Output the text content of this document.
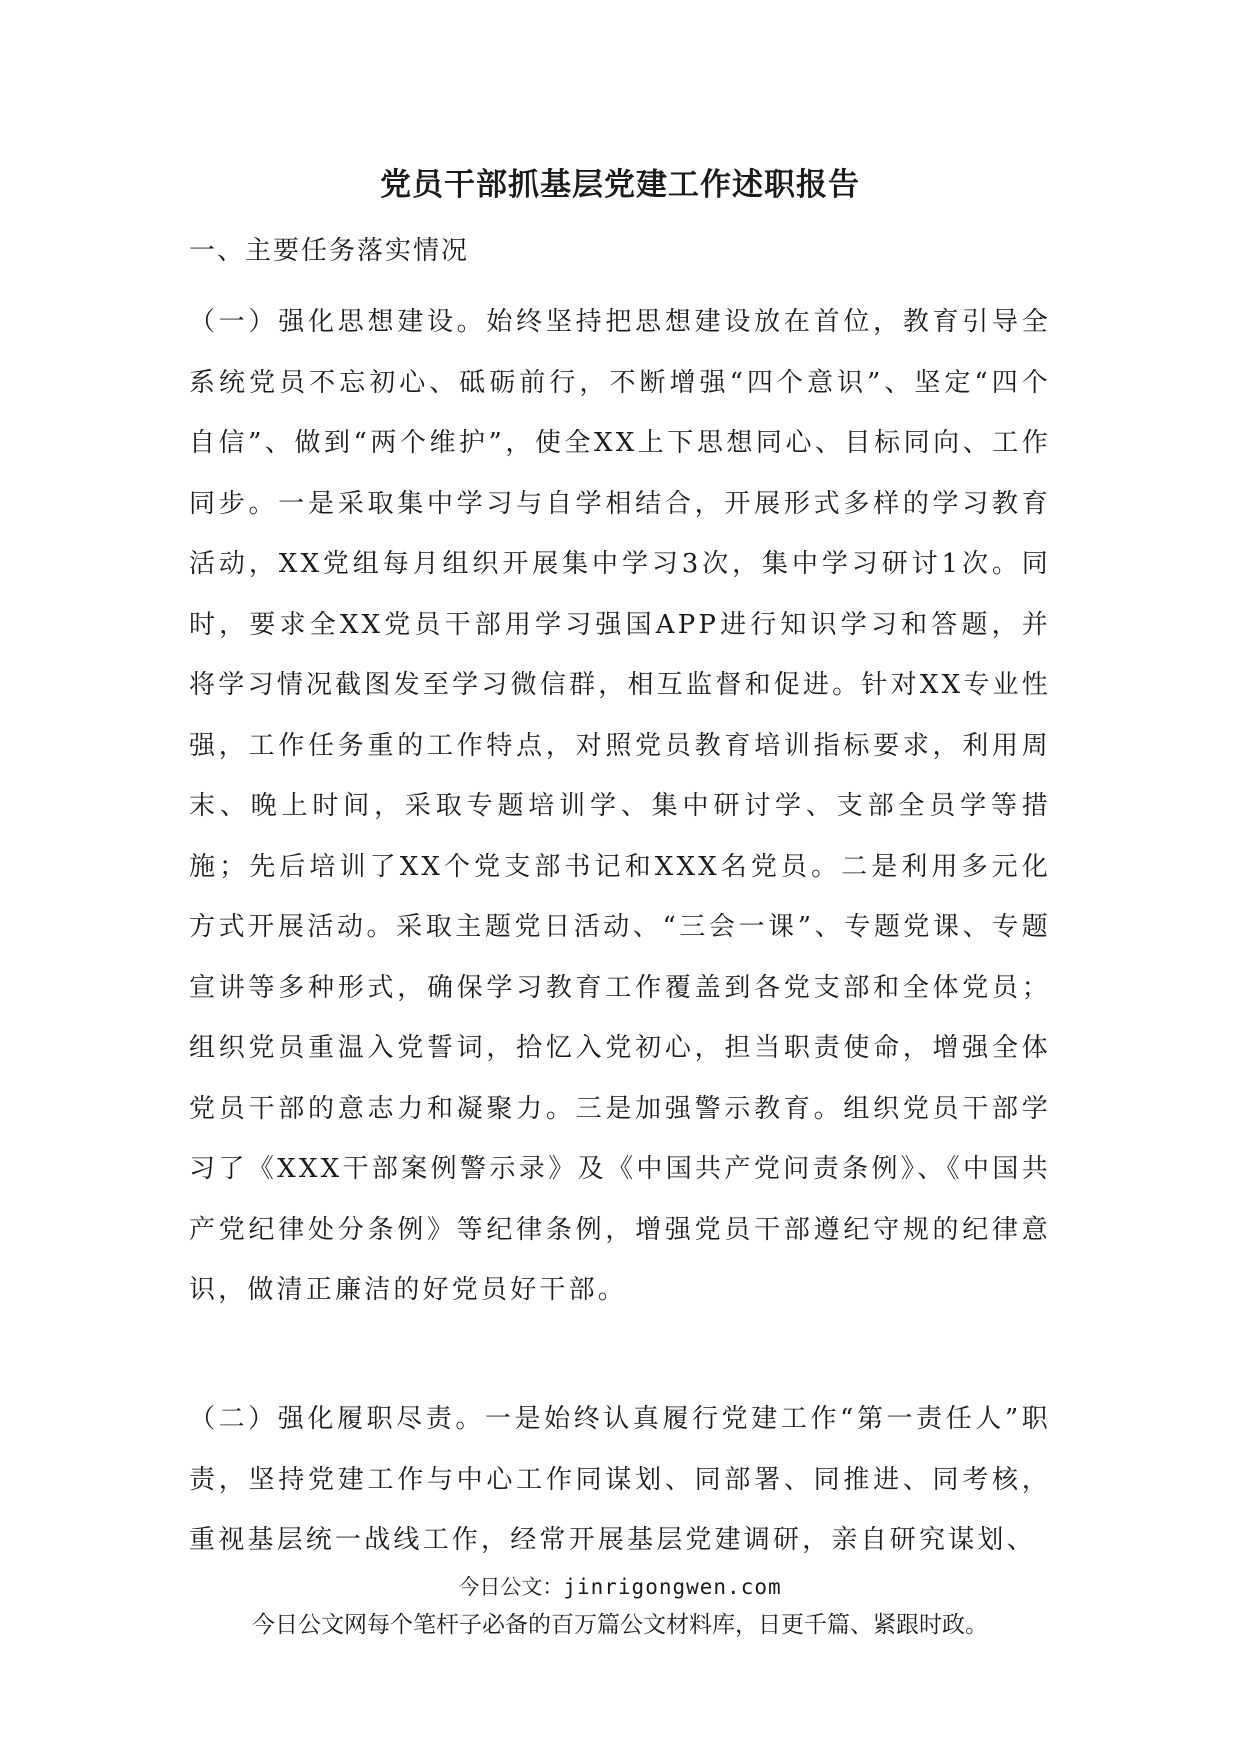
党员干部抓基层党建工作述职报告

一、主要任务落实情况

（一）强化思想建设。始终坚持把思想建设放在首位，教育引导全系统党员不忘初心、砥砺前行，不断增强“四个意识”、坚定“四个自信”、做到“两个维护”，使全XX上下思想同心、目标同向、工作同步。一是采取集中学习与自学相结合，开展形式多样的学习教育活动，XX党组每月组织开展集中学习3次，集中学习研讨1次。同时，要求全XX党员干部用学习强国APP进行知识学习和答题，并将学习情况截图发至学习微信群，相互监督和促进。针对XX专业性强，工作任务重的工作特点，对照党员教育培训指标要求，利用周末、晚上时间，采取专题培训学、集中研讨学、支部全员学等措施；先后培训了XX个党支部书记和XXX名党员。二是利用多元化方式开展活动。采取主题党日活动、“三会一课”、专题党课、专题宣讲等多种形式，确保学习教育工作覆盖到各党支部和全体党员；组织党员重温入党誓词，拾忆入党初心，担当职责使命，增强全体党员干部的意志力和凝聚力。三是加强警示教育。组织党员干部学习了《XXX干部案例警示录》及《中国共产党问责条例》、《中国共产党纪律处分条例》等纪律条例，增强党员干部遵纪守规的纪律意识，做清正廉洁的好党员好干部。

（二）强化履职尽责。一是始终认真履行党建工作“第一责任人”职责，坚持党建工作与中心工作同谋划、同部署、同推进、同考核，重视基层统一战线工作，经常开展基层党建调研，亲自研究谋划、

今日公文：jinrigongwen.com

今日公文网每个笔杆子必备的百万篇公文材料库，日更千篇、紧跟时政。
